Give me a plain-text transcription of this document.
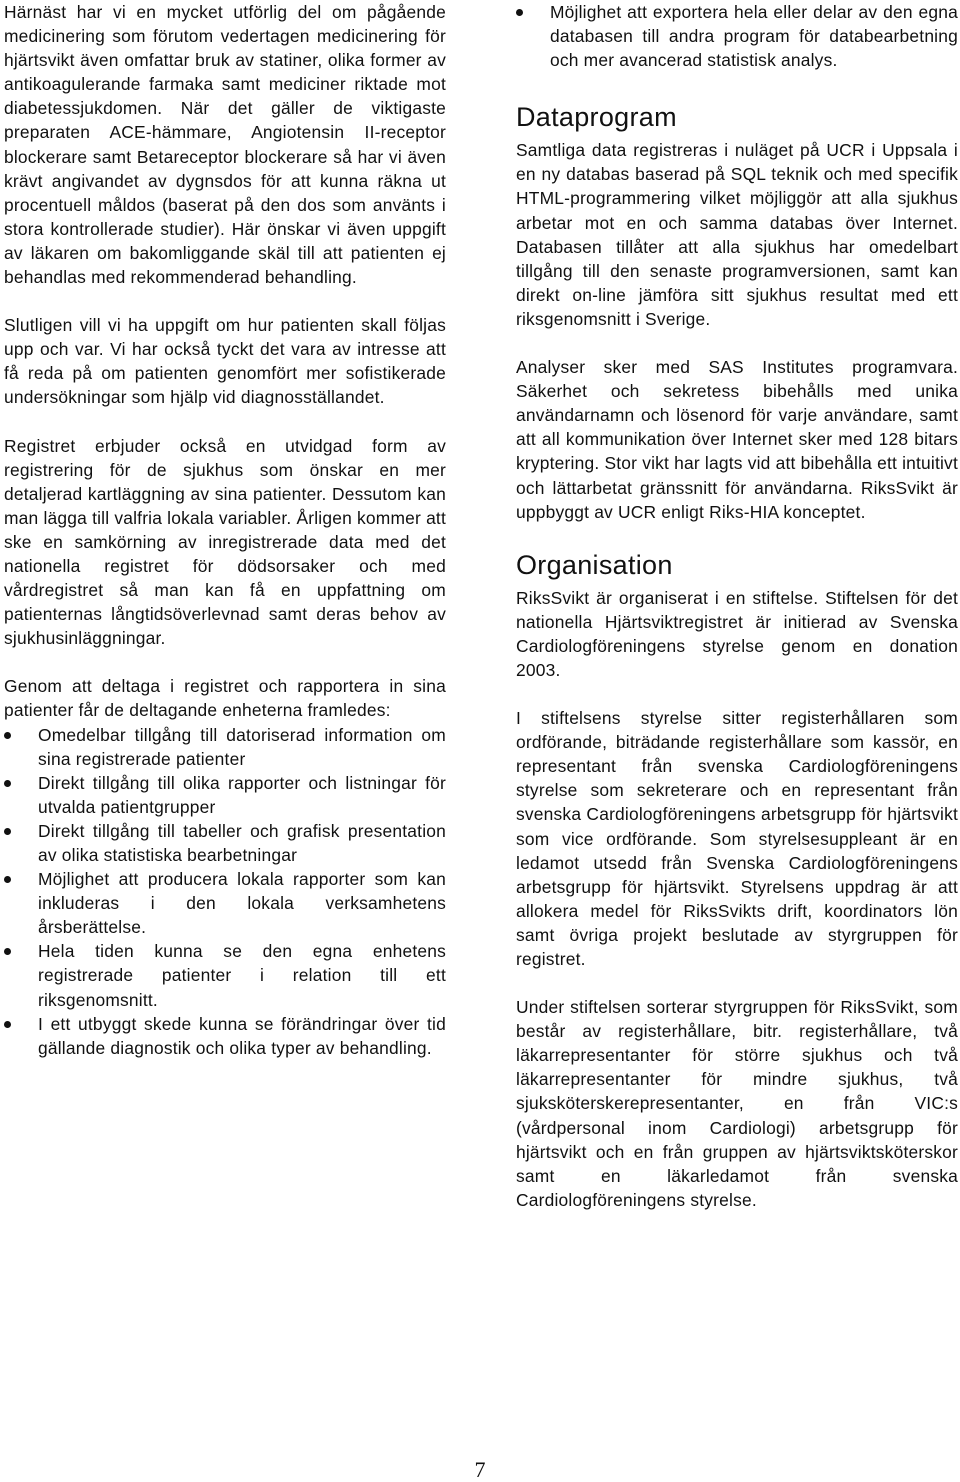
Härnäst har vi en mycket utförlig del om pågående medicinering som förutom vedertagen medicinering för hjärtsvikt även omfattar bruk av statiner, olika former av antikoagulerande farmaka samt mediciner riktade mot diabetessjukdomen. När det gäller de viktigaste preparaten ACE-hämmare, Angiotensin II-receptor blockerare samt Betareceptor blockerare så har vi även krävt angivandet av dygnsdos för att kunna räkna ut procentuell måldos (baserat på den dos som använts i stora kontrollerade studier). Här önskar vi även uppgift av läkaren om bakomliggande skäl till att patienten ej behandlas med rekommenderad behandling.

Slutligen vill vi ha uppgift om hur patienten skall följas upp och var. Vi har också tyckt det vara av intresse att få reda på om patienten genomfört mer sofistikerade undersökningar som hjälp vid diagnosställandet.

Registret erbjuder också en utvidgad form av registrering för de sjukhus som önskar en mer detaljerad kartläggning av sina patienter. Dessutom kan man lägga till valfria lokala variabler. Årligen kommer att ske en samkörning av inregistrerade data med det nationella registret för dödsorsaker och med vårdregistret så man kan få en uppfattning om patienternas långtidsöverlevnad samt deras behov av sjukhusinläggningar.

Genom att deltaga i registret och rapportera in sina patienter får de deltagande enheterna framledes:

Omedelbar tillgång till datoriserad information om sina registrerade patienter
Direkt tillgång till olika rapporter och listningar för utvalda patientgrupper
Direkt tillgång till tabeller och grafisk presentation av olika statistiska bearbetningar
Möjlighet att producera lokala rapporter som kan inkluderas i den lokala verksamhetens årsberättelse.
Hela tiden kunna se den egna enhetens registrerade patienter i relation till ett riksgenomsnitt.
I ett utbyggt skede kunna se förändringar över tid gällande diagnostik och olika typer av behandling.
Möjlighet att exportera hela eller delar av den egna databasen till andra program för databearbetning och mer avancerad statistisk analys.
Dataprogram

Samtliga data registreras i nuläget på UCR i Uppsala i en ny databas baserad på SQL teknik och med specifik HTML-programmering vilket möjliggör att alla sjukhus arbetar mot en och samma databas över Internet. Databasen tillåter att alla sjukhus har omedelbart tillgång till den senaste programversionen, samt kan direkt on-line jämföra sitt sjukhus resultat med ett riksgenomsnitt i Sverige.

Analyser sker med SAS Institutes programvara. Säkerhet och sekretess bibehålls med unika användarnamn och lösenord för varje användare, samt att all kommunikation över Internet sker med 128 bitars kryptering. Stor vikt har lagts vid att bibehålla ett intuitivt och lättarbetat gränssnitt för användarna. RiksSvikt är uppbyggt av UCR enligt Riks-HIA konceptet.

Organisation

RiksSvikt är organiserat i en stiftelse. Stiftelsen för det nationella Hjärtsviktregistret är initierad av Svenska Cardiologföreningens styrelse genom en donation 2003.

I stiftelsens styrelse sitter registerhållaren som ordförande, biträdande registerhållare som kassör, en representant från svenska Cardiologföreningens styrelse som sekreterare och en representant från svenska Cardiologföreningens arbetsgrupp för hjärtsvikt som vice ordförande. Som styrelsesuppleant är en ledamot utsedd från Svenska Cardiologföreningens arbetsgrupp för hjärtsvikt. Styrelsens uppdrag är att allokera medel för RiksSvikts drift, koordinators lön samt övriga projekt beslutade av styrgruppen för registret.

Under stiftelsen sorterar styrgruppen för RiksSvikt, som består av registerhållare, bitr. registerhållare, två läkarrepresentanter för större sjukhus och två läkarrepresentanter för mindre sjukhus, två sjuksköterskerepresentanter, en från VIC:s (vårdpersonal inom Cardiologi) arbetsgrupp för hjärtsvikt och en från gruppen av hjärtsviktsköterskor samt en läkarledamot från svenska Cardiologföreningens styrelse.

7
